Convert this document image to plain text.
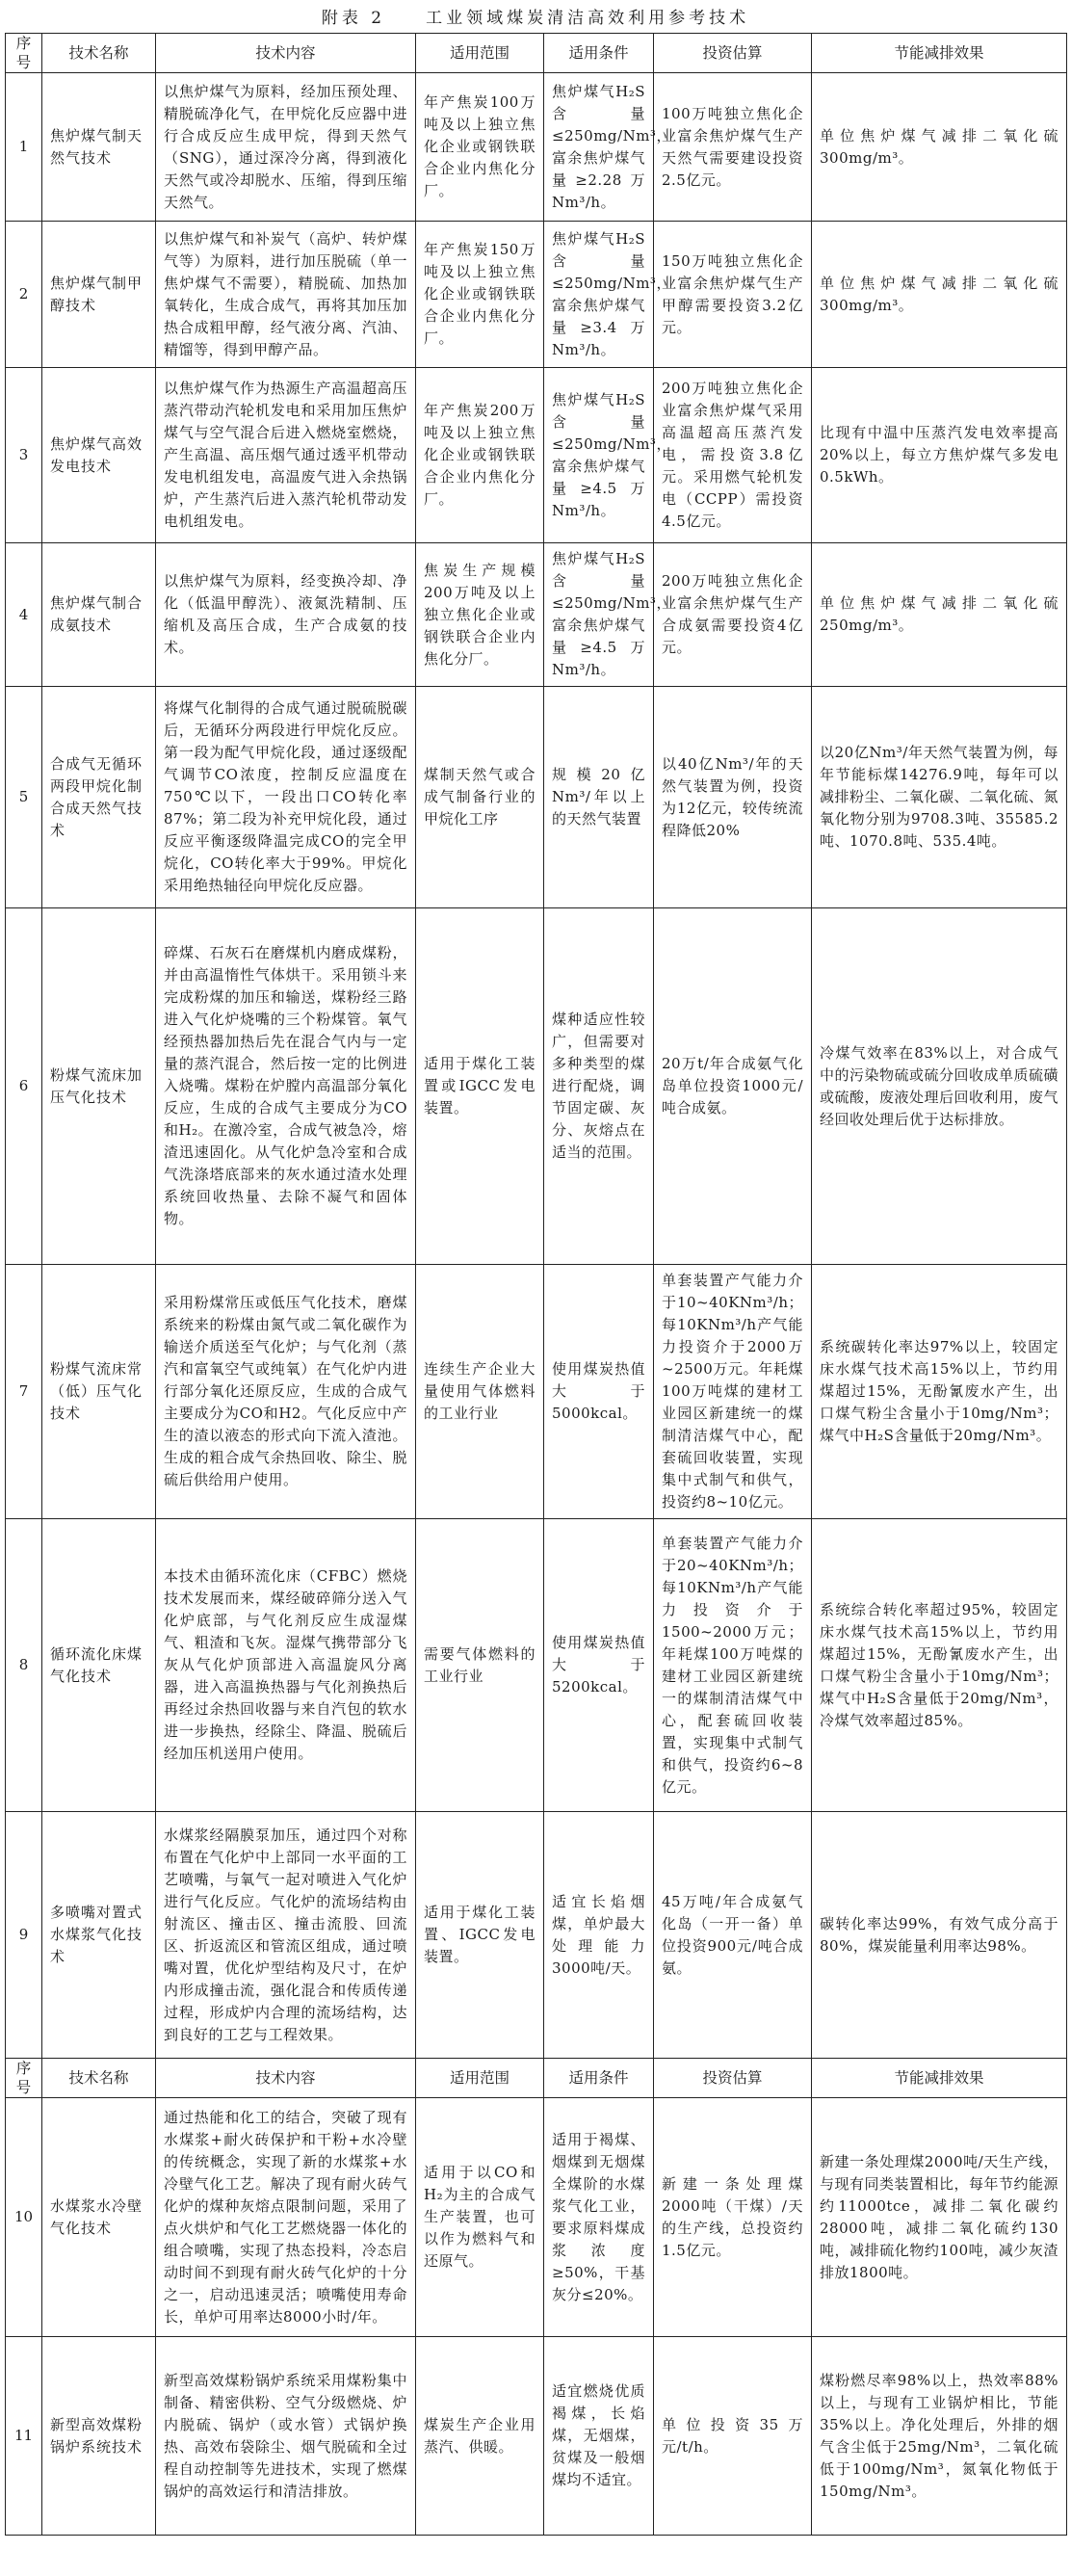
附表 2　　工业领域煤炭清洁高效利用参考技术
序号	技术名称	技术内容	适用范围	适用条件	投资估算	节能减排效果
1	焦炉煤气制天然气技术	以焦炉煤气为原料，经加压预处理、精脱硫净化气，在甲烷化反应器中进行合成反应生成甲烷，得到天然气（SNG），通过深冷分离，得到液化天然气或冷却脱水、压缩，得到压缩天然气。	年产焦炭100万吨及以上独立焦化企业或钢铁联合企业内焦化分厂。	焦炉煤气H₂S含量≤250mg/Nm³，富余焦炉煤气量≥2.28万Nm³/h。	100万吨独立焦化企业富余焦炉煤气生产天然气需要建设投资2.5亿元。	单位焦炉煤气减排二氧化硫300mg/m³。
2	焦炉煤气制甲醇技术	以焦炉煤气和补炭气（高炉、转炉煤气等）为原料，进行加压脱硫（单一焦炉煤气不需要），精脱硫、加热加氧转化，生成合成气，再将其加压加热合成粗甲醇，经气液分离、汽油、精馏等，得到甲醇产品。	年产焦炭150万吨及以上独立焦化企业或钢铁联合企业内焦化分厂。	焦炉煤气H₂S含量≤250mg/Nm³，富余焦炉煤气量≥3.4万Nm³/h。	150万吨独立焦化企业富余焦炉煤气生产甲醇需要投资3.2亿元。	单位焦炉煤气减排二氧化硫300mg/m³。
3	焦炉煤气高效发电技术	以焦炉煤气作为热源生产高温超高压蒸汽带动汽轮机发电和采用加压焦炉煤气与空气混合后进入燃烧室燃烧，产生高温、高压烟气通过透平机带动发电机组发电，高温废气进入余热锅炉，产生蒸汽后进入蒸汽轮机带动发电机组发电。	年产焦炭200万吨及以上独立焦化企业或钢铁联合企业内焦化分厂。	焦炉煤气H₂S含量≤250mg/Nm³，富余焦炉煤气量≥4.5万Nm³/h。	200万吨独立焦化企业富余焦炉煤气采用高温超高压蒸汽发电，需投资3.8亿元。采用燃气轮机发电（CCPP）需投资4.5亿元。	比现有中温中压蒸汽发电效率提高20%以上，每立方焦炉煤气多发电0.5kWh。
4	焦炉煤气制合成氨技术	以焦炉煤气为原料，经变换冷却、净化（低温甲醇洗）、液氮洗精制、压缩机及高压合成，生产合成氨的技术。	焦炭生产规模200万吨及以上独立焦化企业或钢铁联合企业内焦化分厂。	焦炉煤气H₂S含量≤250mg/Nm³，富余焦炉煤气量≥4.5万Nm³/h。	200万吨独立焦化企业富余焦炉煤气生产合成氨需要投资4亿元。	单位焦炉煤气减排二氧化硫250mg/m³。
5	合成气无循环两段甲烷化制合成天然气技术	将煤气化制得的合成气通过脱硫脱碳后，无循环分两段进行甲烷化反应。第一段为配气甲烷化段，通过逐级配气调节CO浓度，控制反应温度在750℃以下，一段出口CO转化率87%；第二段为补充甲烷化段，通过反应平衡逐级降温完成CO的完全甲烷化，CO转化率大于99%。甲烷化采用绝热轴径向甲烷化反应器。	煤制天然气或合成气制备行业的甲烷化工序	规模20亿Nm³/年以上的天然气装置	以40亿Nm³/年的天然气装置为例，投资为12亿元，较传统流程降低20%	以20亿Nm³/年天然气装置为例，每年节能标煤14276.9吨，每年可以减排粉尘、二氧化碳、二氧化硫、氮氧化物分别为9708.3吨、35585.2吨、1070.8吨、535.4吨。
6	粉煤气流床加压气化技术	碎煤、石灰石在磨煤机内磨成煤粉，并由高温惰性气体烘干。采用锁斗来完成粉煤的加压和输送，煤粉经三路进入气化炉烧嘴的三个粉煤管。氧气经预热器加热后先在混合气内与一定量的蒸汽混合，然后按一定的比例进入烧嘴。煤粉在炉膛内高温部分氧化反应，生成的合成气主要成分为CO和H₂。在激冷室，合成气被急冷，熔渣迅速固化。从气化炉急冷室和合成气洗涤塔底部来的灰水通过渣水处理系统回收热量、去除不凝气和固体物。	适用于煤化工装置或IGCC发电装置。	煤种适应性较广，但需要对多种类型的煤进行配烧，调节固定碳、灰分、灰熔点在适当的范围。	20万t/年合成氨气化岛单位投资1000元/吨合成氨。	冷煤气效率在83%以上，对合成气中的污染物硫或硫分回收成单质硫磺或硫酸，废液处理后回收利用，废气经回收处理后优于达标排放。
7	粉煤气流床常（低）压气化技术	采用粉煤常压或低压气化技术，磨煤系统来的粉煤由氮气或二氧化碳作为输送介质送至气化炉；与气化剂（蒸汽和富氧空气或纯氧）在气化炉内进行部分氧化还原反应，生成的合成气主要成分为CO和H2。气化反应中产生的渣以液态的形式向下流入渣池。生成的粗合成气余热回收、除尘、脱硫后供给用户使用。	连续生产企业大量使用气体燃料的工业行业	使用煤炭热值大于5000kcal。	单套装置产气能力介于10~40KNm³/h；每10KNm³/h产气能力投资介于2000万~2500万元。年耗煤100万吨煤的建材工业园区新建统一的煤制清洁煤气中心，配套硫回收装置，实现集中式制气和供气，投资约8~10亿元。	系统碳转化率达97%以上，较固定床水煤气技术高15%以上，节约用煤超过15%，无酚氰废水产生，出口煤气粉尘含量小于10mg/Nm³；煤气中H₂S含量低于20mg/Nm³。
8	循环流化床煤气化技术	本技术由循环流化床（CFBC）燃烧技术发展而来，煤经破碎筛分送入气化炉底部，与气化剂反应生成湿煤气、粗渣和飞灰。湿煤气携带部分飞灰从气化炉顶部进入高温旋风分离器，进入高温换热器与气化剂换热后再经过余热回收器与来自汽包的软水进一步换热，经除尘、降温、脱硫后经加压机送用户使用。	需要气体燃料的工业行业	使用煤炭热值大于5200kcal。	单套装置产气能力介于20~40KNm³/h；每10KNm³/h产气能力投资介于1500~2000万元；年耗煤100万吨煤的建材工业园区新建统一的煤制清洁煤气中心，配套硫回收装置，实现集中式制气和供气，投资约6~8亿元。	系统综合转化率超过95%，较固定床水煤气技术高15%以上，节约用煤超过15%，无酚氰废水产生，出口煤气粉尘含量小于10mg/Nm³；煤气中H₂S含量低于20mg/Nm³，冷煤气效率超过85%。
9	多喷嘴对置式水煤浆气化技术	水煤浆经隔膜泵加压，通过四个对称布置在气化炉中上部同一水平面的工艺喷嘴，与氧气一起对喷进入气化炉进行气化反应。气化炉的流场结构由射流区、撞击区、撞击流股、回流区、折返流区和管流区组成，通过喷嘴对置，优化炉型结构及尺寸，在炉内形成撞击流，强化混合和传质传递过程，形成炉内合理的流场结构，达到良好的工艺与工程效果。	适用于煤化工装置、IGCC发电装置。	适宜长焰烟煤，单炉最大处理能力3000吨/天。	45万吨/年合成氨气化岛（一开一备）单位投资900元/吨合成氨。	碳转化率达99%，有效气成分高于80%，煤炭能量利用率达98%。
序号	技术名称	技术内容	适用范围	适用条件	投资估算	节能减排效果
10	水煤浆水冷壁气化技术	通过热能和化工的结合，突破了现有水煤浆+耐火砖保护和干粉+水冷壁的传统概念，实现了新的水煤浆+水冷壁气化工艺。解决了现有耐火砖气化炉的煤种灰熔点限制问题，采用了点火烘炉和气化工艺燃烧器一体化的组合喷嘴，实现了热态投料，冷态启动时间不到现有耐火砖气化炉的十分之一，启动迅速灵活；喷嘴使用寿命长，单炉可用率达8000小时/年。	适用于以CO和H₂为主的合成气生产装置，也可以作为燃料气和还原气。	适用于褐煤、烟煤到无烟煤全煤阶的水煤浆气化工业，要求原料煤成浆浓度≥50%，干基灰分≤20%。	新建一条处理煤2000吨（干煤）/天的生产线，总投资约1.5亿元。	新建一条处理煤2000吨/天生产线，与现有同类装置相比，每年节约能源约11000tce，减排二氧化碳约28000吨，减排二氧化硫约130吨，减排硫化物约100吨，减少灰渣排放1800吨。
11	新型高效煤粉锅炉系统技术	新型高效煤粉锅炉系统采用煤粉集中制备、精密供粉、空气分级燃烧、炉内脱硫、锅炉（或水管）式锅炉换热、高效布袋除尘、烟气脱硫和全过程自动控制等先进技术，实现了燃煤锅炉的高效运行和清洁排放。	煤炭生产企业用蒸汽、供暖。	适宜燃烧优质褐煤，长焰煤，无烟煤，贫煤及一般烟煤均不适宜。	单位投资35万元/t/h。	煤粉燃尽率98%以上，热效率88%以上，与现有工业锅炉相比，节能35%以上。净化处理后，外排的烟气含尘低于25mg/Nm³，二氧化硫低于100mg/Nm³，氮氧化物低于150mg/Nm³。
